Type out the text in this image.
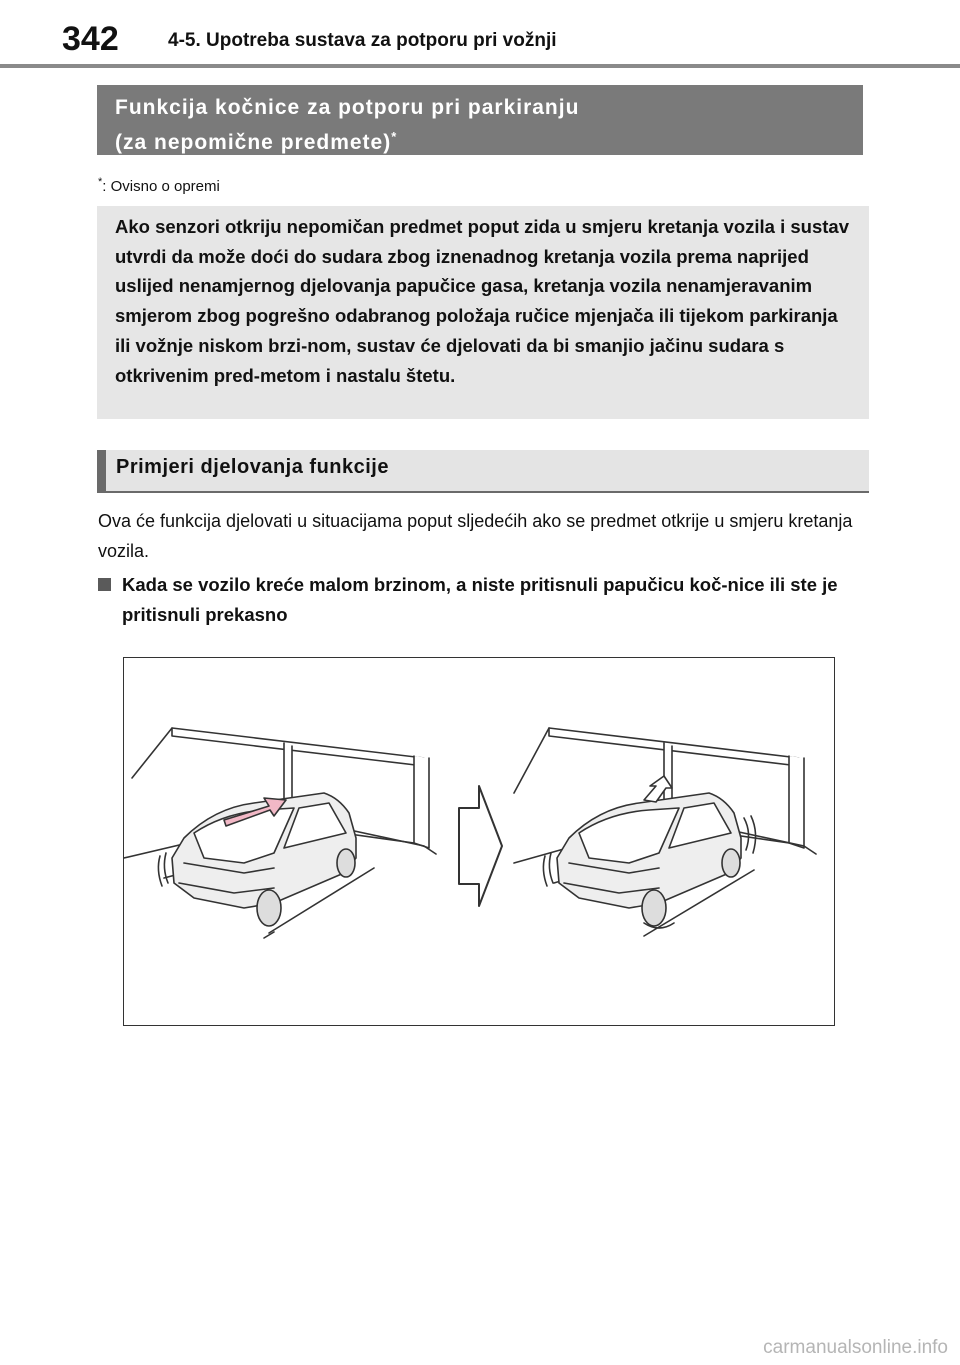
342	4-5. Upotreba sustava za potporu pri vožnji
Funkcija kočnice za potporu pri parkiranju
(za nepomične predmete)*
*: Ovisno o opremi
Ako senzori otkriju nepomičan predmet poput zida u smjeru kretanja vozila i sustav utvrdi da može doći do sudara zbog iznenadnog kretanja vozila prema naprijed uslijed nenamjernog djelovanja papučice gasa, kretanja vozila nenamjeravanim smjerom zbog pogrešno odabranog položaja ručice mjenjača ili tijekom parkiranja ili vožnje niskom brzi-nom, sustav će djelovati da bi smanjio jačinu sudara s otkrivenim pred-metom i nastalu štetu.
Primjeri djelovanja funkcije
Ova će funkcija djelovati u situacijama poput sljedećih ako se predmet otkrije u smjeru kretanja vozila.
Kada se vozilo kreće malom brzinom, a niste pritisnuli papučicu koč-nice ili ste je pritisnuli prekasno
carmanualsonline.info
